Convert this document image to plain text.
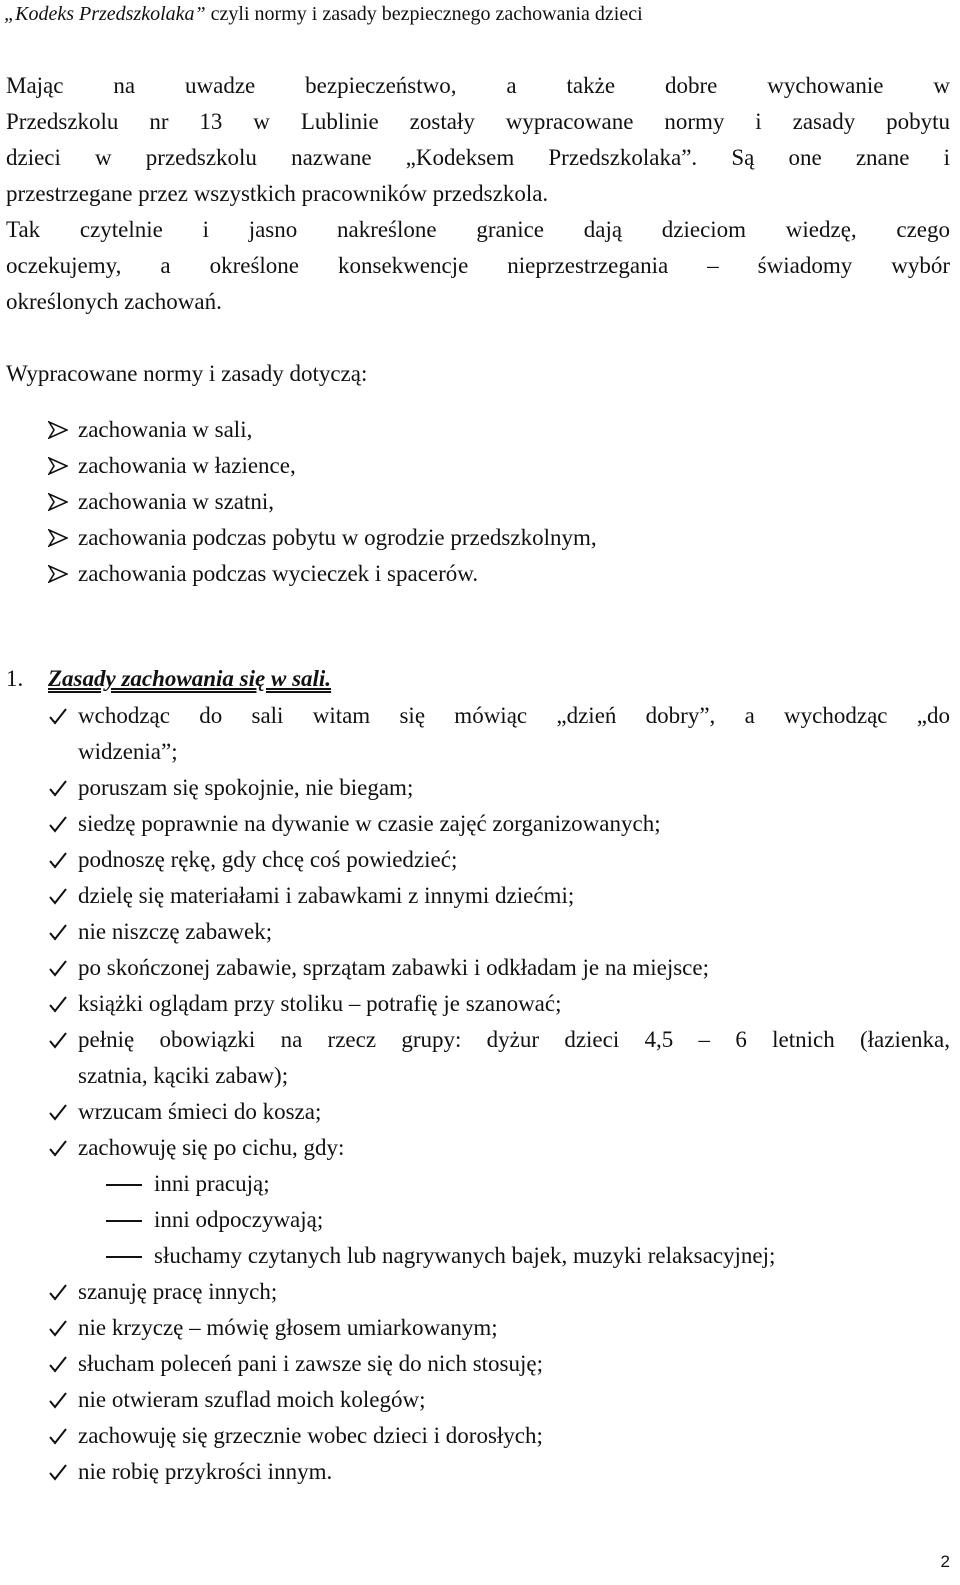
„Kodeks Przedszkolaka” czyli normy i zasady bezpiecznego zachowania dzieci
Mając na uwadze bezpieczeństwo, a także dobre wychowanie w
Przedszkolu nr 13 w Lublinie zostały wypracowane normy i zasady pobytu
dzieci w przedszkolu nazwane „Kodeksem Przedszkolaka”. Są one znane i
przestrzegane przez wszystkich pracowników przedszkola.
Tak czytelnie i jasno nakreślone granice dają dzieciom wiedzę, czego
oczekujemy, a określone konsekwencje nieprzestrzegania – świadomy wybór
określonych zachowań.
Wypracowane normy i zasady dotyczą:
zachowania w sali,
zachowania w łazience,
zachowania w szatni,
zachowania podczas pobytu w ogrodzie przedszkolnym,
zachowania podczas wycieczek i spacerów.
1. Zasady zachowania się w sali.
wchodząc do sali witam się mówiąc „dzień dobry”, a wychodząc „do
widzenia”;
poruszam się spokojnie, nie biegam;
siedzę poprawnie na dywanie w czasie zajęć zorganizowanych;
podnoszę rękę, gdy chcę coś powiedzieć;
dzielę się materiałami i zabawkami z innymi dziećmi;
nie niszczę zabawek;
po skończonej zabawie, sprzątam zabawki i odkładam je na miejsce;
książki oglądam przy stoliku – potrafię je szanować;
pełnię obowiązki na rzecz grupy: dyżur dzieci 4,5 – 6 letnich (łazienka,
szatnia, kąciki zabaw);
wrzucam śmieci do kosza;
zachowuję się po cichu, gdy:
inni pracują;
inni odpoczywają;
słuchamy czytanych lub nagrywanych bajek, muzyki relaksacyjnej;
szanuję pracę innych;
nie krzyczę – mówię głosem umiarkowanym;
słucham poleceń pani i zawsze się do nich stosuję;
nie otwieram szuflad moich kolegów;
zachowuję się grzecznie wobec dzieci i dorosłych;
nie robię przykrości innym.
2
